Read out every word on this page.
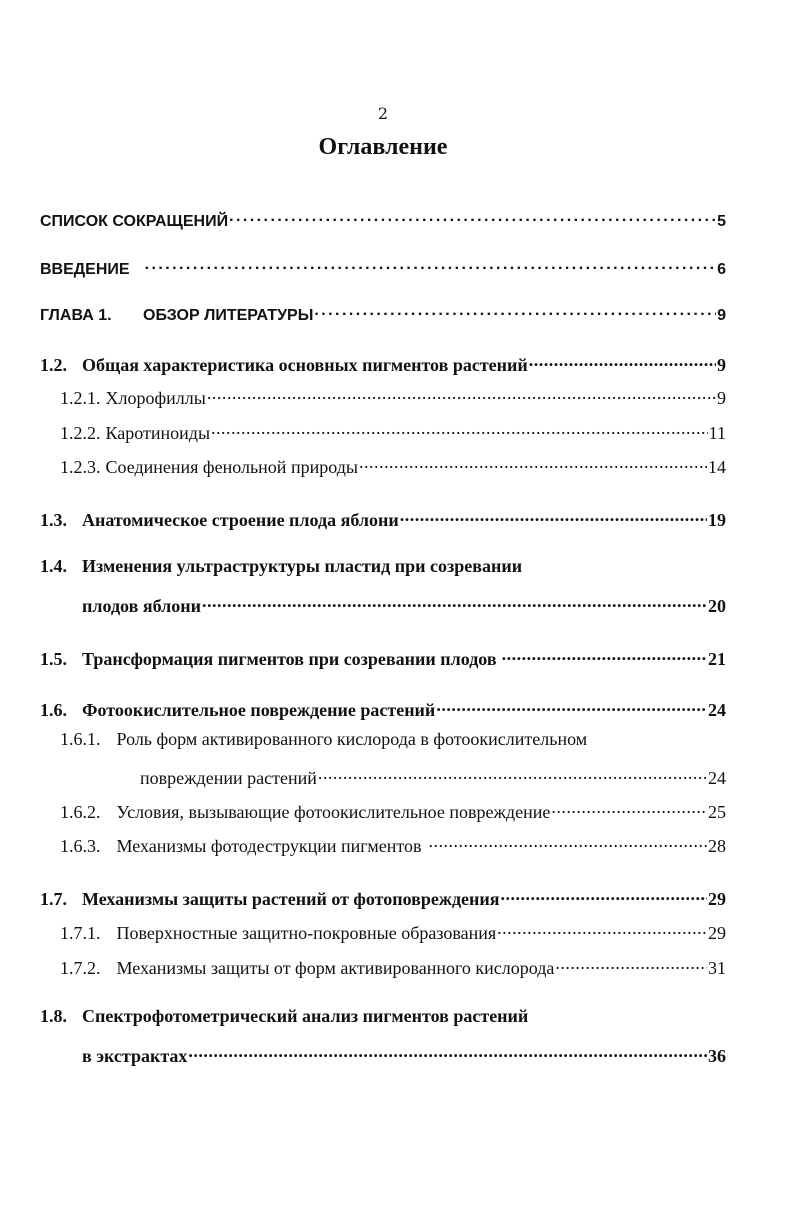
2
Оглавление
СПИСОК СОКРАЩЕНИЙ . . .	5
ВВЕДЕНИЕ . . .	6
ГЛАВА 1.	ОБЗОР ЛИТЕРАТУРЫ . . .	9
1.2. Общая характеристика основных пигментов растений . . .	9
1.2.1. Хлорофиллы . . .	9
1.2.2. Каротиноиды . . .	11
1.2.3. Соединения фенольной природы . . .	14
1.3. Анатомическое строение плода яблони . . .	19
1.4. Изменения ультраструктуры пластид при созревании
плодов яблони . . .	20
1.5. Трансформация пигментов при созревании плодов . . .	21
1.6. Фотоокислительное повреждение растений . . .	24
1.6.1. Роль форм активированного кислорода в фотоокислительном
повреждении растений . . .	24
1.6.2. Условия, вызывающие фотоокислительное повреждение . . .	25
1.6.3. Механизмы фотодеструкции пигментов . . .	28
1.7. Механизмы защиты растений от фотоповреждения . . .	29
1.7.1. Поверхностные защитно-покровные образования . . .	29
1.7.2. Механизмы защиты от форм активированного кислорода . . .	31
1.8. Спектрофотометрический анализ пигментов растений
в экстрактах . . .	36
